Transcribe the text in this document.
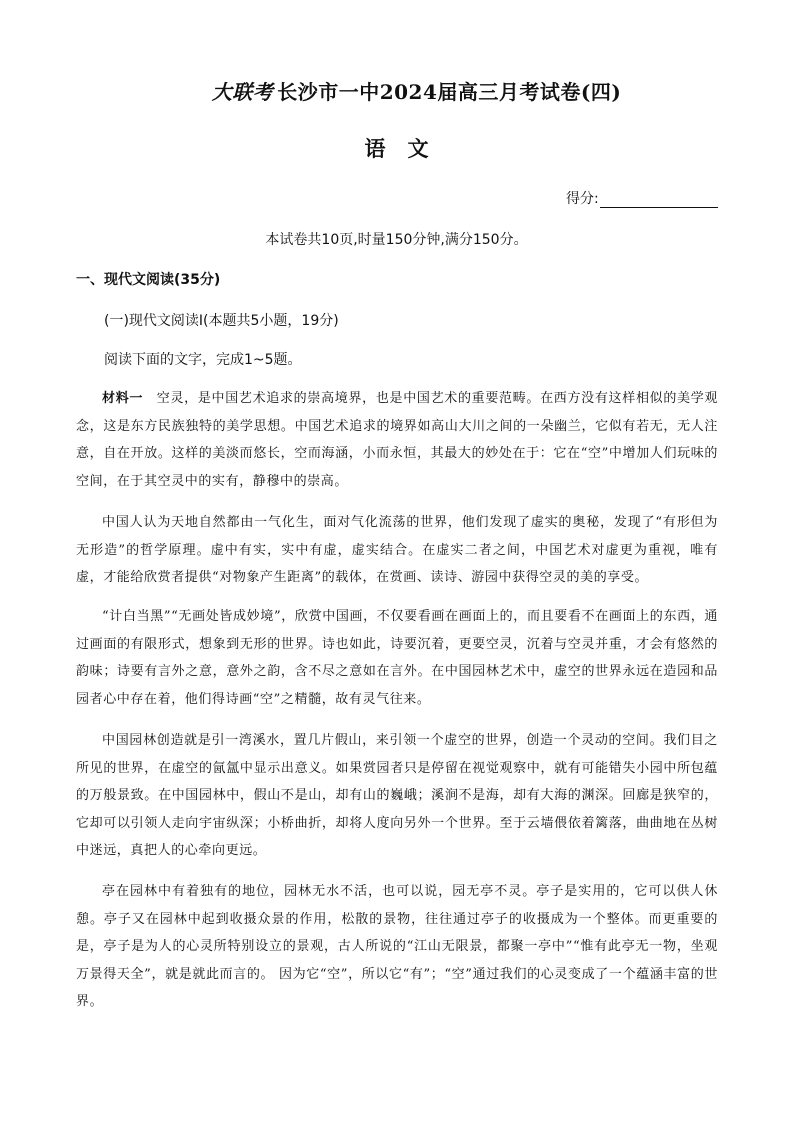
大联考 长沙市一中2024届高三月考试卷(四)
语文
得分:
本试卷共10页,时量150分钟,满分150分。
一、现代文阅读(35分)
(一)现代文阅读Ⅰ(本题共5小题，19分)
阅读下面的文字，完成1~5题。

材料一　 空灵，是中国艺术追求的崇高境界，也是中国艺术的重要范畴。在西方没有这样相似的美学观念，这是东方民族独特的美学思想。中国艺术追求的境界如高山大川之间的一朵幽兰，它似有若无，无人注意，自在开放。这样的美淡而悠长，空而海涵，小而永恒，其最大的妙处在于：它在“空”中增加人们玩味的空间，在于其空灵中的实有，静穆中的崇高。

中国人认为天地自然都由一气化生，面对气化流荡的世界，他们发现了虚实的奥秘，发现了“有形但为无形造”的哲学原理。虚中有实，实中有虚，虚实结合。在虚实二者之间，中国艺术对虚更为重视，唯有虚，才能给欣赏者提供“对物象产生距离”的载体，在赏画、读诗、游园中获得空灵的美的享受。

“计白当黑”“无画处皆成妙境”，欣赏中国画，不仅要看画在画面上的，而且要看不在画面上的东西，通过画面的有限形式，想象到无形的世界。诗也如此，诗要沉着，更要空灵，沉着与空灵并重，才会有悠然的韵味；诗要有言外之意，意外之韵，含不尽之意如在言外。在中国园林艺术中，虚空的世界永远在造园和品园者心中存在着，他们得诗画“空”之精髓，故有灵气往来。

中国园林创造就是引一湾溪水，置几片假山，来引领一个虚空的世界，创造一个灵动的空间。我们目之所见的世界，在虚空的氤氲中显示出意义。如果赏园者只是停留在视觉观察中，就有可能错失小园中所包蕴的万般景致。在中国园林中，假山不是山，却有山的巍峨；溪涧不是海，却有大海的渊深。回廊是狭窄的，它却可以引领人走向宇宙纵深；小桥曲折，却将人度向另外一个世界。至于云墙偎依着篱落，曲曲地在丛树中迷远，真把人的心牵向更远。

亭在园林中有着独有的地位，园林无水不活，也可以说，园无亭不灵。亭子是实用的，它可以供人休憩。亭子又在园林中起到收摄众景的作用，松散的景物，往往通过亭子的收摄成为一个整体。而更重要的是，亭子是为人的心灵所特别设立的景观，古人所说的“江山无限景，都聚一亭中”“惟有此亭无一物，坐观万景得天全”，就是就此而言的。 因为它“空”，所以它“有”；“空”通过我们的心灵变成了一个蕴涵丰富的世界。
